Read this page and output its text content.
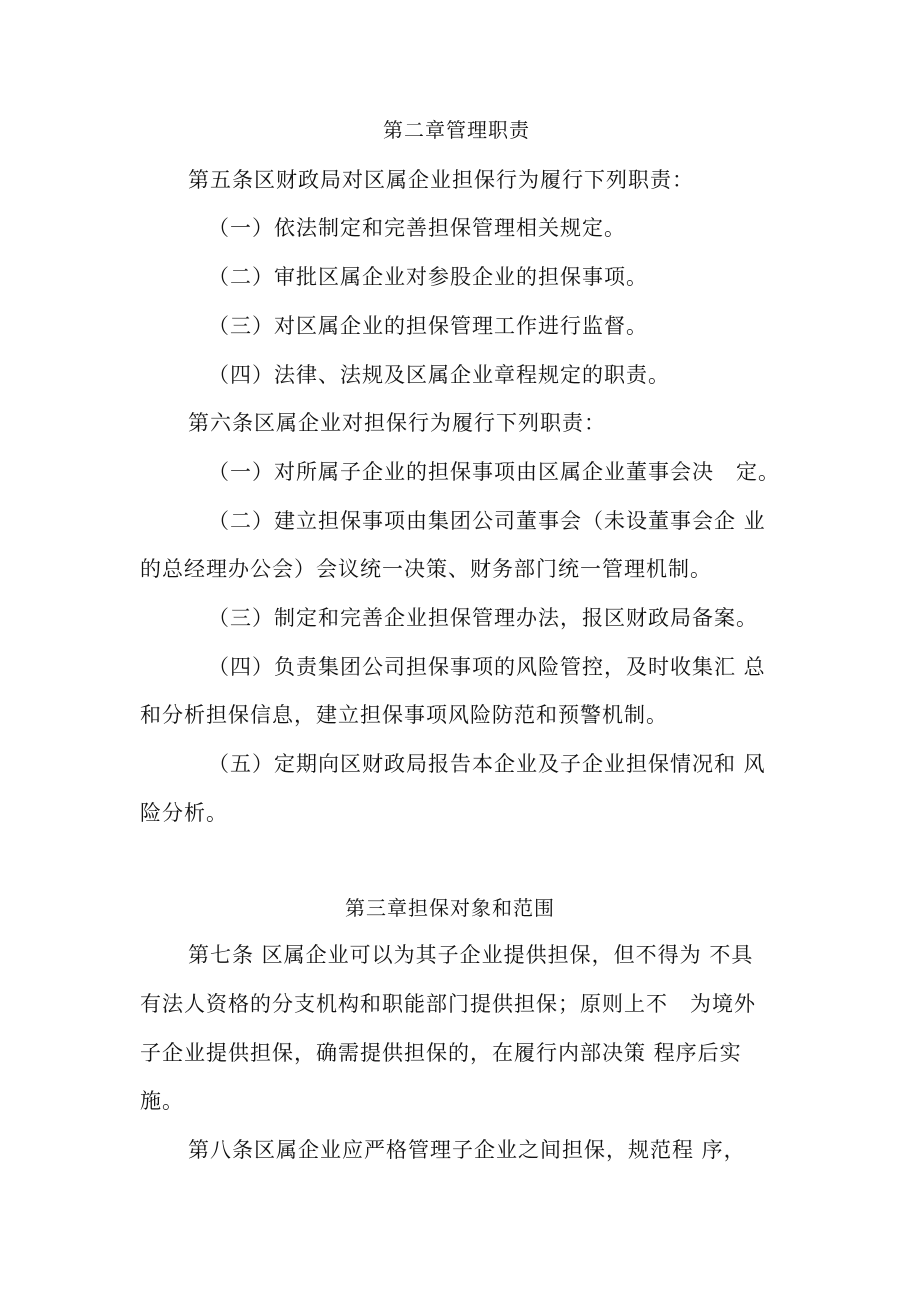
第二章管理职责
第五条区财政局对区属企业担保行为履行下列职责：
（一）依法制定和完善担保管理相关规定。
（二）审批区属企业对参股企业的担保事项。
（三）对区属企业的担保管理工作进行监督。
（四）法律、法规及区属企业章程规定的职责。
第六条区属企业对担保行为履行下列职责：
（一）对所属子企业的担保事项由区属企业董事会决　定。
（二）建立担保事项由集团公司董事会（未设董事会企 业
的总经理办公会）会议统一决策、财务部门统一管理机制。
（三）制定和完善企业担保管理办法，报区财政局备案。
（四）负责集团公司担保事项的风险管控，及时收集汇 总
和分析担保信息，建立担保事项风险防范和预警机制。
（五）定期向区财政局报告本企业及子企业担保情况和 风
险分析。
第三章担保对象和范围
第七条 区属企业可以为其子企业提供担保，但不得为 不具
有法人资格的分支机构和职能部门提供担保；原则上不　为境外
子企业提供担保，确需提供担保的，在履行内部决策 程序后实
施。
第八条区属企业应严格管理子企业之间担保，规范程 序，
